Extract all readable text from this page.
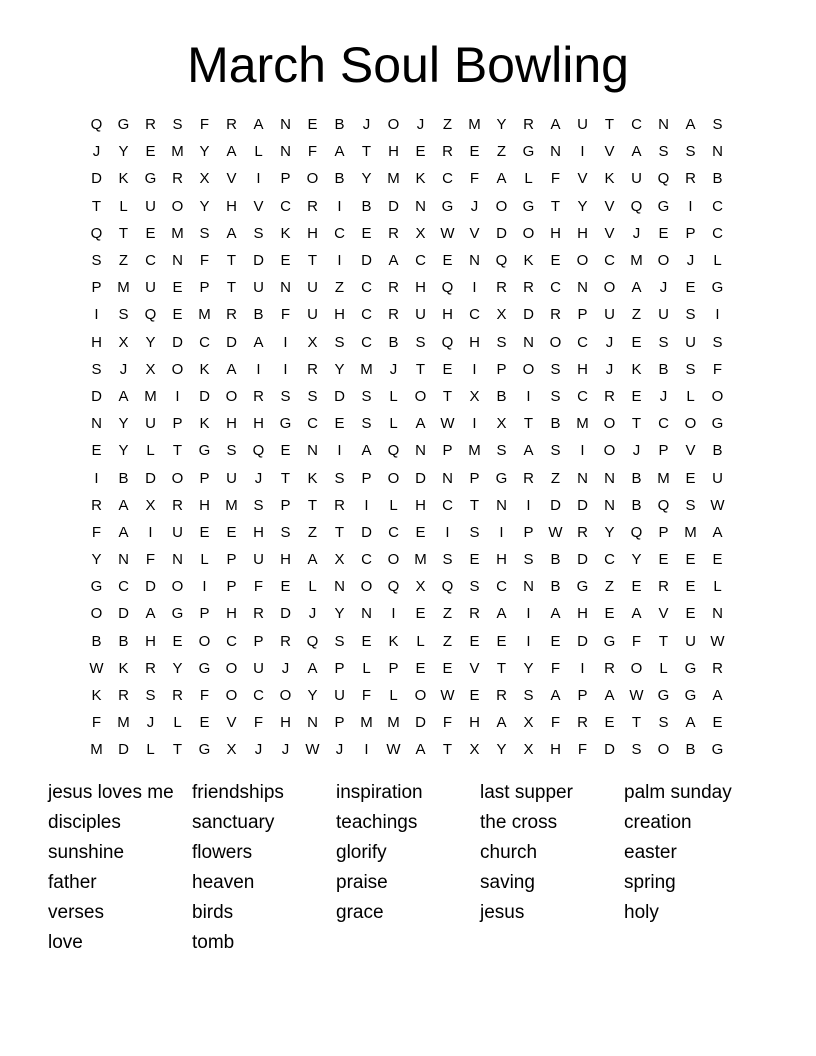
March Soul Bowling
Q	G	R	S	F	R	A	N	E	B	J	O	J	Z	M	Y	R	A	U	T	C	N	A	S
J	Y	E	M	Y	A	L	N	F	A	T	H	E	R	E	Z	G	N	I	V	A	S	S	N
D	K	G	R	X	V	I	P	O	B	Y	M	K	C	F	A	L	F	V	K	U	Q	R	B
T	L	U	O	Y	H	V	C	R	I	B	D	N	G	J	O	G	T	Y	V	Q	G	I	C
Q	T	E	M	S	A	S	K	H	C	E	R	X W V	D	O	H	H	V	J	E	P	C
S	Z	C	N	F	T	D	E	T	I	D	A	C	E	N	Q	K	E	O	C	M O	J	L
P	M	U	E	P	T	U	N	U	Z	C	R	H	Q	I	R	R	C	N	O	A	J	E	G
I	S	Q	E	M	R	B	F	U	H	C	R	U	H	C	X	D	R	P	U	Z	U	S	I
H	X	Y	D	C	D	A	I	X	S	C	B	S	Q	H	S	N	O	C	J	E	S	U	S
S	J	X	O	K	A	I	I	R	Y	M	J	T	E	I	P	O	S	H	J	K	B	S	F
D	A	M	I	D	O	R	S	S	D	S	L	O	T	X	B	I	S	C	R	E	J	L	O
N	Y	U	P	K	H	H	G	C	E	S	L	A W	I	X	T	B	M O	T	C	O	G
E	Y	L	T	G	S	Q	E	N	I	A	Q	N	P	M	S	A	S	I	O	J	P	V	B
I	B	D	O	P	U	J	T	K	S	P	O	D	N	P	G	R	Z	N	N	B	M	E	U
R	A	X	R	H	M	S	P	T	R	I	L	H	C	T	N	I	D	D	N	B	Q	S W
F	A	I	U	E	E	H	S	Z	T	D	C	E	I	S	I	P W R	Y	Q	P	M	A
Y	N	F	N	L	P	U	H	A	X	C	O M	S	E	H	S	B	D	C	Y	E	E	E
G	C	D	O	I	P	F	E	L	N	O	Q	X	Q	S	C	N	B	G	Z	E	R	E	L
O	D	A	G	P	H	R	D	J	Y	N	I	E	Z	R	A	I	A	H	E	A	V	E	N
B	B	H	E	O	C	P	R	Q	S	E	K	L	Z	E	E	I	E	D	G	F	T	U W
W K	R	Y	G	O	U	J	A	P	L	P	E	E	V	T	Y	F	I	R	O	L	G	R
K	R	S	R	F	O	C	O	Y	U	F	L	O W E	R	S	A	P	A W G	G	A
F	M	J	L	E	V	F	H	N	P	M M	D	F	H	A	X	F	R	E	T	S	A	E
M	D	L	T	G	X	J	J	W	J	I	W A	T	X	Y	X	H	F	D	S	O	B	G
jesus loves me
disciples
sunshine
father
verses
love
friendships
sanctuary
flowers
heaven
birds
tomb
inspiration
teachings
glorify
praise
grace
last supper
the cross
church
saving
jesus
palm sunday
creation
easter
spring
holy
